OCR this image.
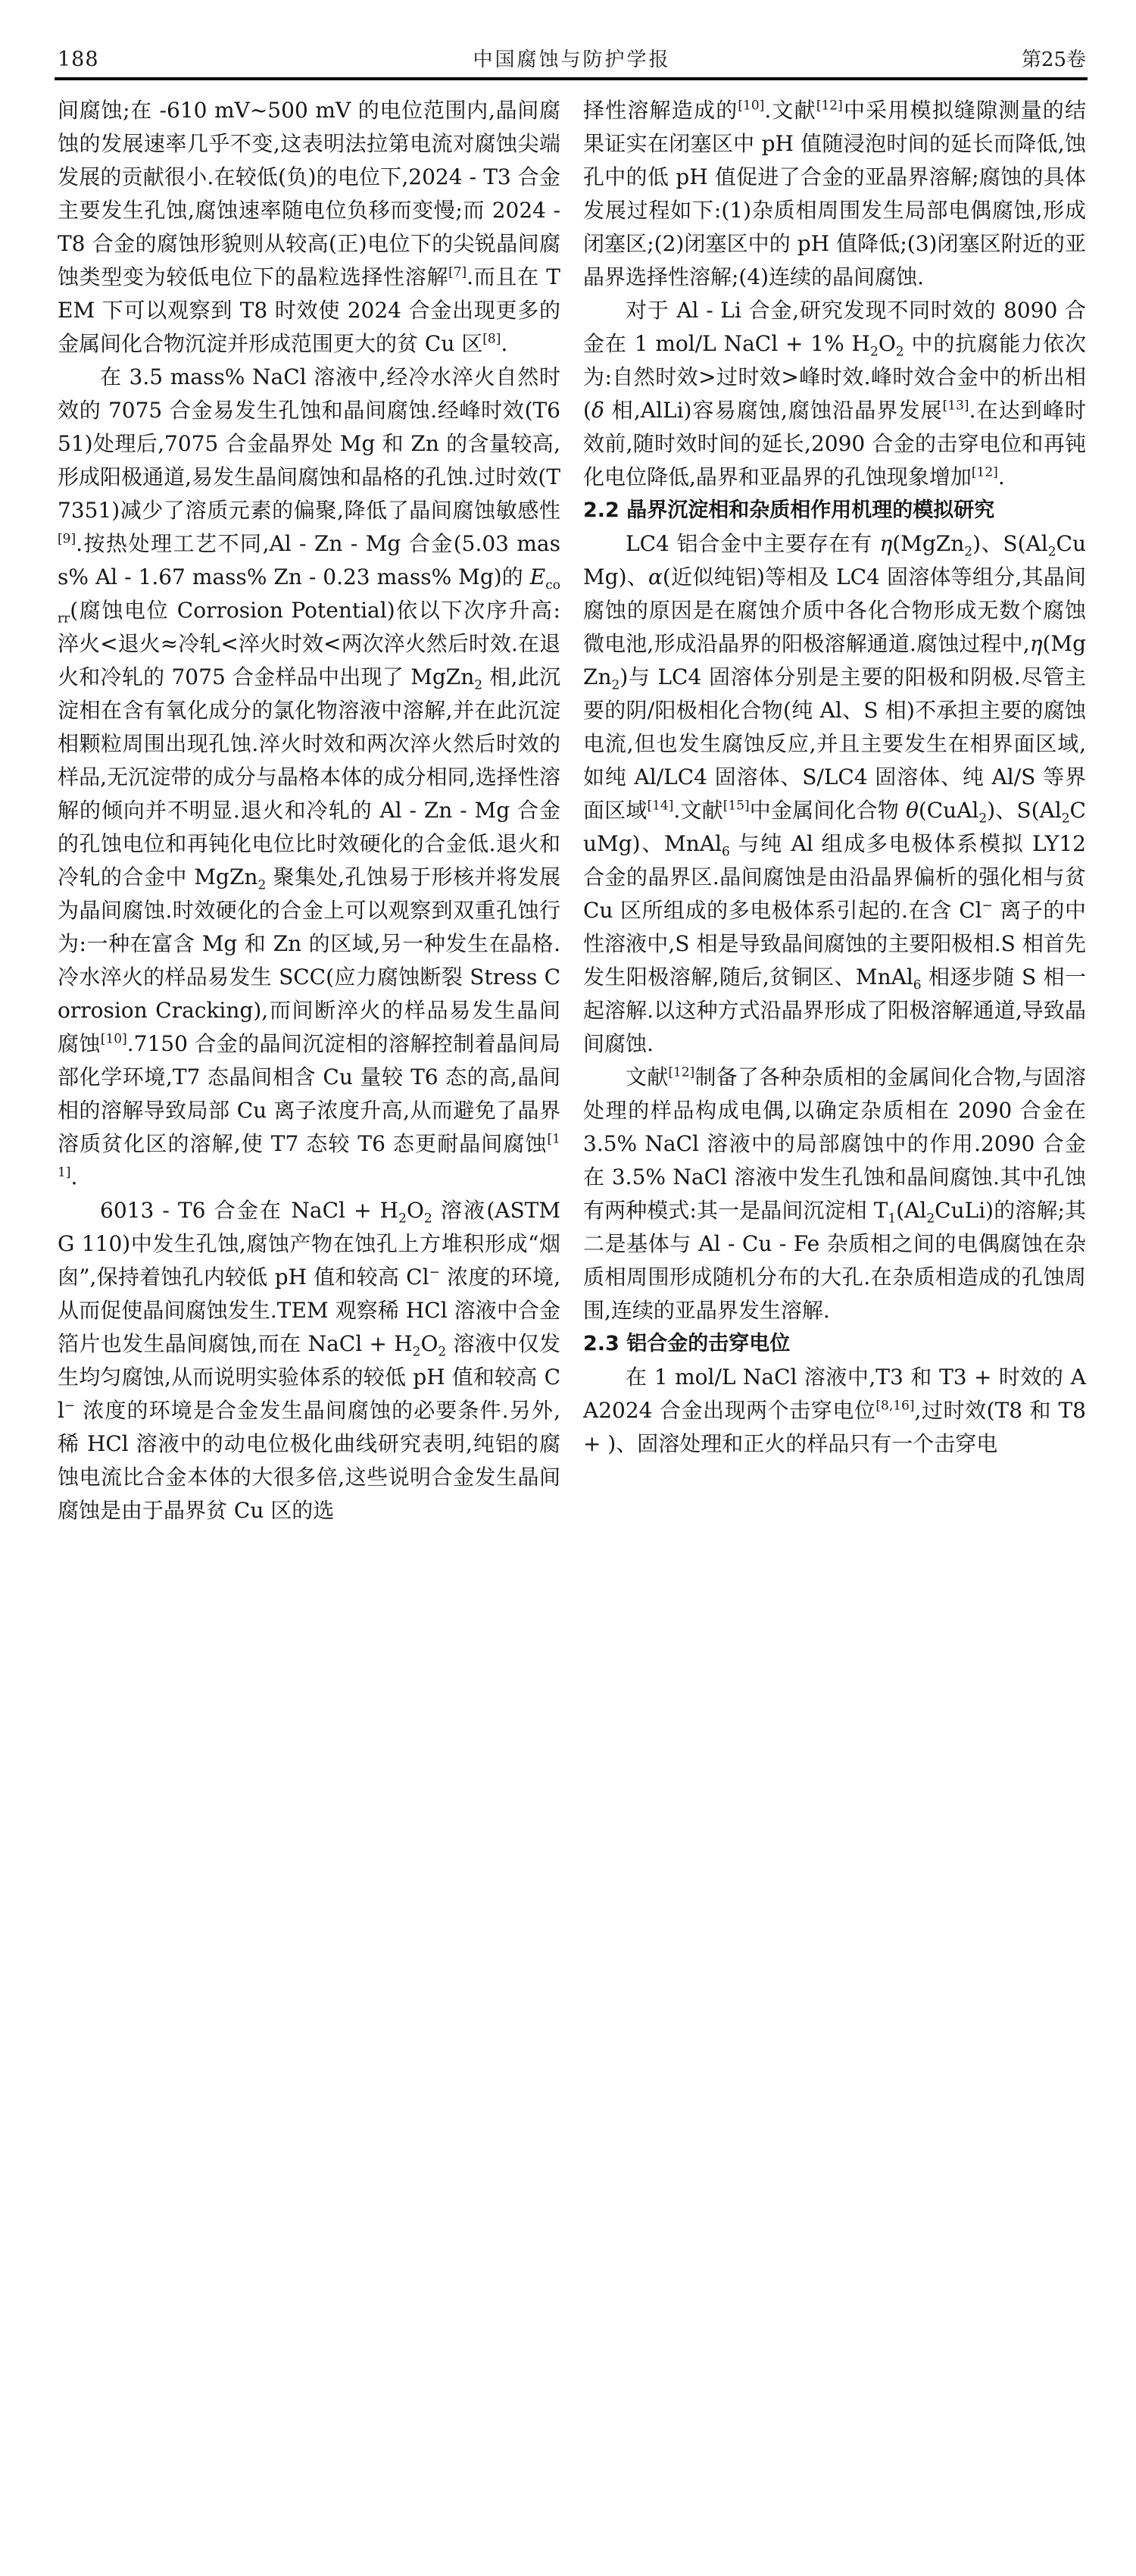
188	中国腐蚀与防护学报	第25卷
间腐蚀;在 -610 mV~500 mV 的电位范围内,晶间腐蚀的发展速率几乎不变,这表明法拉第电流对腐蚀尖端发展的贡献很小.在较低(负)的电位下,2024 - T3 合金主要发生孔蚀,腐蚀速率随电位负移而变慢;而 2024 - T8 合金的腐蚀形貌则从较高(正)电位下的尖锐晶间腐蚀类型变为较低电位下的晶粒选择性溶解[7].而且在 TEM 下可以观察到 T8 时效使 2024 合金出现更多的金属间化合物沉淀并形成范围更大的贫 Cu 区[8].
在 3.5 mass% NaCl 溶液中,经冷水淬火自然时效的 7075 合金易发生孔蚀和晶间腐蚀.经峰时效(T651)处理后,7075 合金晶界处 Mg 和 Zn 的含量较高,形成阳极通道,易发生晶间腐蚀和晶格的孔蚀.过时效(T7351)减少了溶质元素的偏聚,降低了晶间腐蚀敏感性[9].按热处理工艺不同,Al - Zn - Mg 合金(5.03 mass% Al - 1.67 mass% Zn - 0.23 mass% Mg)的 $E_{corr}$(腐蚀电位 Corrosion Potential)依以下次序升高:淬火<退火≈冷轧<淬火时效<两次淬火然后时效.在退火和冷轧的 7075 合金样品中出现了 MgZn$_2$ 相,此沉淀相在含有氧化成分的氯化物溶液中溶解,并在此沉淀相颗粒周围出现孔蚀.淬火时效和两次淬火然后时效的样品,无沉淀带的成分与晶格本体的成分相同,选择性溶解的倾向并不明显.退火和冷轧的 Al - Zn - Mg 合金的孔蚀电位和再钝化电位比时效硬化的合金低.退火和冷轧的合金中 MgZn$_2$ 聚集处,孔蚀易于形核并将发展为晶间腐蚀.时效硬化的合金上可以观察到双重孔蚀行为:一种在富含 Mg 和 Zn 的区域,另一种发生在晶格.冷水淬火的样品易发生 SCC(应力腐蚀断裂 Stress Corrosion Cracking),而间断淬火的样品易发生晶间腐蚀[10].7150 合金的晶间沉淀相的溶解控制着晶间局部化学环境,T7 态晶间相含 Cu 量较 T6 态的高,晶间相的溶解导致局部 Cu 离子浓度升高,从而避免了晶界溶质贫化区的溶解,使 T7 态较 T6 态更耐晶间腐蚀[11].
6013 - T6 合金在 NaCl + $H_2O_2$ 溶液(ASTM G 110)中发生孔蚀,腐蚀产物在蚀孔上方堆积形成“烟囱”,保持着蚀孔内较低 pH 值和较高 Cl− 浓度的环境,从而促使晶间腐蚀发生.TEM 观察稀 HCl 溶液中合金箔片也发生晶间腐蚀,而在 NaCl + $H_2O_2$ 溶液中仅发生均匀腐蚀,从而说明实验体系的较低 pH 值和较高 Cl− 浓度的环境是合金发生晶间腐蚀的必要条件.另外,稀 HCl 溶液中的动电位极化曲线研究表明,纯铝的腐蚀电流比合金本体的大很多倍,这些说明合金发生晶间腐蚀是由于晶界贫 Cu 区的选
择性溶解造成的[10].文献[12]中采用模拟缝隙测量的结果证实在闭塞区中 pH 值随浸泡时间的延长而降低,蚀孔中的低 pH 值促进了合金的亚晶界溶解;腐蚀的具体发展过程如下:(1)杂质相周围发生局部电偶腐蚀,形成闭塞区;(2)闭塞区中的 pH 值降低;(3)闭塞区附近的亚晶界选择性溶解;(4)连续的晶间腐蚀.
对于 Al - Li 合金,研究发现不同时效的 8090 合金在 1 mol/L NaCl + 1% $H_2O_2$ 中的抗腐能力依次为:自然时效>过时效>峰时效.峰时效合金中的析出相(δ 相,AlLi)容易腐蚀,腐蚀沿晶界发展[13].在达到峰时效前,随时效时间的延长,2090 合金的击穿电位和再钝化电位降低,晶界和亚晶界的孔蚀现象增加[12].
2.2 晶界沉淀相和杂质相作用机理的模拟研究
LC4 铝合金中主要存在有 η(MgZn$_2$)、$S(Al_2CuMg)$、α(近似纯铝)等相及 LC4 固溶体等组分,其晶间腐蚀的原因是在腐蚀介质中各化合物形成无数个腐蚀微电池,形成沿晶界的阳极溶解通道.腐蚀过程中,η(MgZn$_2$)与 LC4 固溶体分别是主要的阳极和阴极.尽管主要的阴/阳极相化合物(纯 Al、S 相)不承担主要的腐蚀电流,但也发生腐蚀反应,并且主要发生在相界面区域,如纯 Al/LC4 固溶体、S/LC4 固溶体、纯 Al/S 等界面区域[14].文献[15]中金属间化合物 θ(CuAl$_2$)、$S(Al_2CuMg)$、MnAl$_6$ 与纯 Al 组成多电极体系模拟 LY12 合金的晶界区.晶间腐蚀是由沿晶界偏析的强化相与贫 Cu 区所组成的多电极体系引起的.在含 Cl− 离子的中性溶液中,S 相是导致晶间腐蚀的主要阳极相.S 相首先发生阳极溶解,随后,贫铜区、MnAl$_6$ 相逐步随 S 相一起溶解.以这种方式沿晶界形成了阳极溶解通道,导致晶间腐蚀.
文献[12]制备了各种杂质相的金属间化合物,与固溶处理的样品构成电偶,以确定杂质相在 2090 合金在 3.5% NaCl 溶液中的局部腐蚀中的作用.2090 合金在 3.5% NaCl 溶液中发生孔蚀和晶间腐蚀.其中孔蚀有两种模式:其一是晶间沉淀相 $T_1(Al_2CuLi)$的溶解;其二是基体与 Al - Cu - Fe 杂质相之间的电偶腐蚀在杂质相周围形成随机分布的大孔.在杂质相造成的孔蚀周围,连续的亚晶界发生溶解.
2.3 铝合金的击穿电位
在 1 mol/L NaCl 溶液中,T3 和 T3 + 时效的 AA2024 合金出现两个击穿电位[8,16],过时效(T8 和 T8 + )、固溶处理和正火的样品只有一个击穿电
